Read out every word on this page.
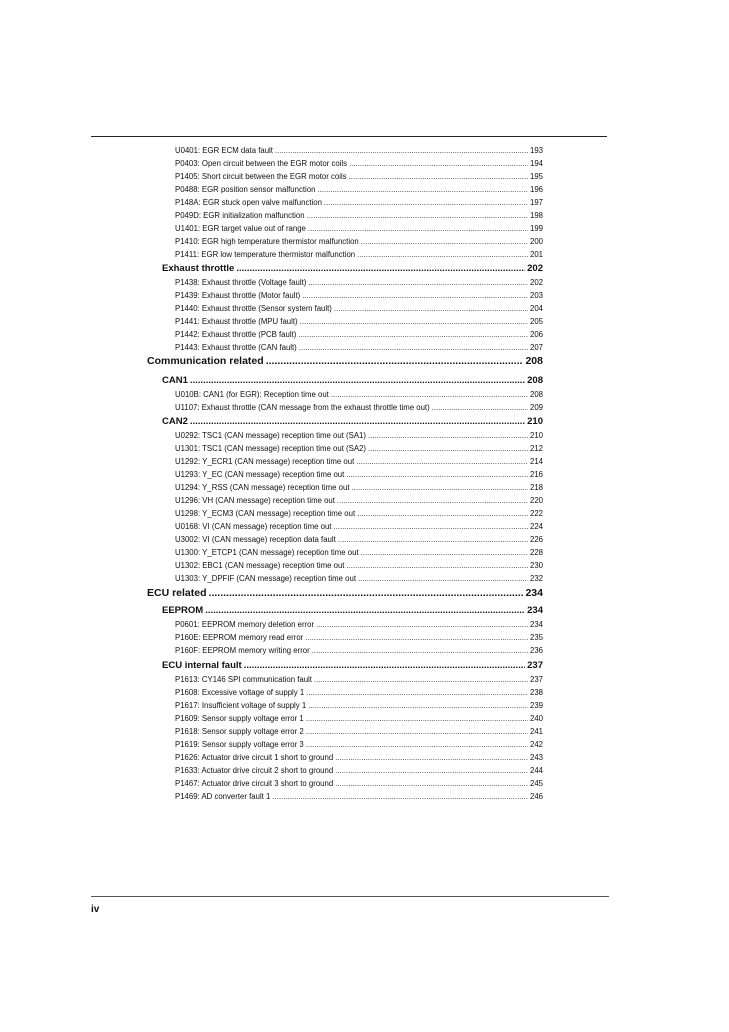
U0401: EGR ECM data fault .....	193
P0403: Open circuit between the EGR motor coils .....	194
P1405: Short circuit between the EGR motor coils .....	195
P0488: EGR position sensor malfunction .....	196
P148A: EGR stuck open valve malfunction .....	197
P049D: EGR initialization malfunction .....	198
U1401: EGR target value out of range .....	199
P1410: EGR high temperature thermistor malfunction .....	200
P1411: EGR low temperature thermistor malfunction .....	201
Exhaust throttle .....	202
P1438: Exhaust throttle (Voltage fault) .....	202
P1439: Exhaust throttle (Motor fault) .....	203
P1440: Exhaust throttle (Sensor system fault) .....	204
P1441: Exhaust throttle (MPU fault) .....	205
P1442: Exhaust throttle (PCB fault) .....	206
P1443: Exhaust throttle (CAN fault) .....	207
Communication related .....	208
CAN1 .....	208
U010B: CAN1 (for EGR): Reception time out .....	208
U1107: Exhaust throttle (CAN message from the exhaust throttle time out) .....	209
CAN2 .....	210
U0292: TSC1 (CAN message) reception time out (SA1) .....	210
U1301: TSC1 (CAN message) reception time out (SA2) .....	212
U1292: Y_ECR1 (CAN message) reception time out .....	214
U1293: Y_EC (CAN message) reception time out .....	216
U1294: Y_RSS (CAN message) reception time out .....	218
U1296: VH (CAN message) reception time out .....	220
U1298: Y_ECM3 (CAN message) reception time out .....	222
U0168: VI (CAN message) reception time out .....	224
U3002: VI (CAN message) reception data fault .....	226
U1300: Y_ETCP1 (CAN message) reception time out .....	228
U1302: EBC1 (CAN message) reception time out .....	230
U1303: Y_DPFIF (CAN message) reception time out .....	232
ECU related .....	234
EEPROM .....	234
P0601: EEPROM memory deletion error .....	234
P160E: EEPROM memory read error .....	235
P160F: EEPROM memory writing error .....	236
ECU internal fault .....	237
P1613: CY146 SPI communication fault .....	237
P1608: Excessive voltage of supply 1 .....	238
P1617: Insufficient voltage of supply 1 .....	239
P1609: Sensor supply voltage error 1 .....	240
P1618: Sensor supply voltage error 2 .....	241
P1619: Sensor supply voltage error 3 .....	242
P1626: Actuator drive circuit 1 short to ground .....	243
P1633: Actuator drive circuit 2 short to ground .....	244
P1467: Actuator drive circuit 3 short to ground .....	245
P1469: AD converter fault 1 .....	246
iv
